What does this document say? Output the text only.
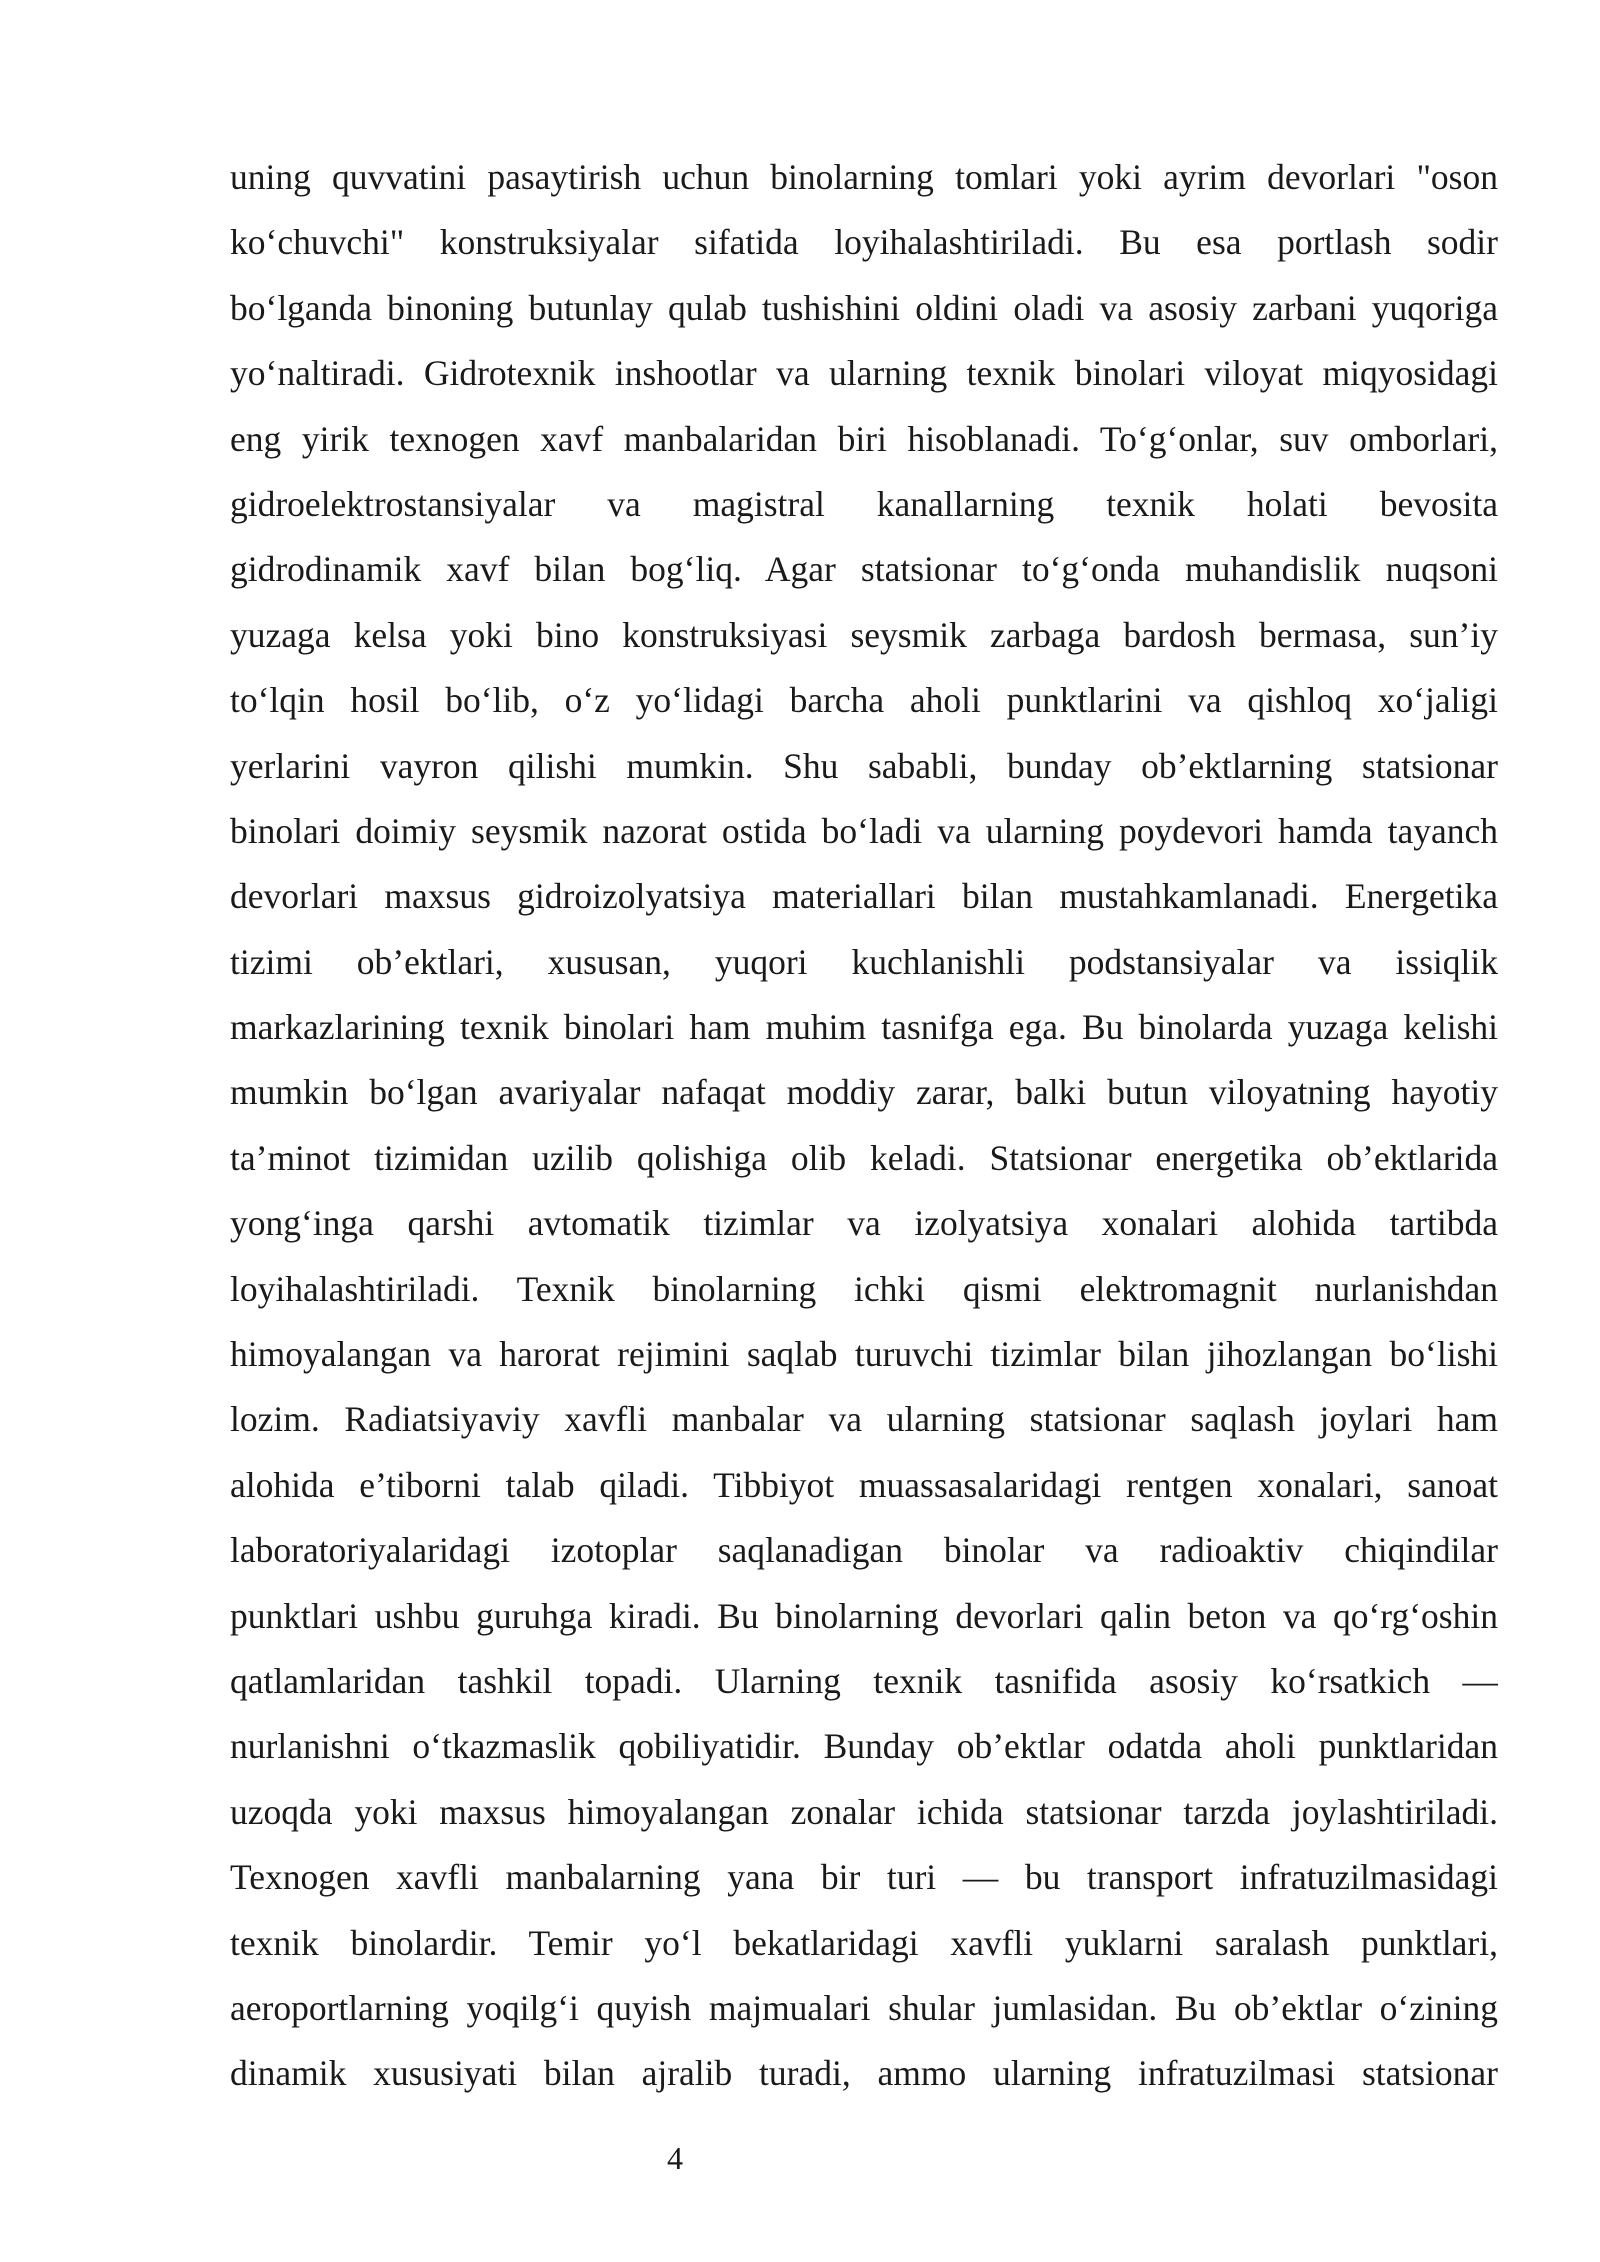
uning quvvatini pasaytirish uchun binolarning tomlari yoki ayrim devorlari "oson
koʻchuvchi" konstruksiyalar sifatida loyihalashtiriladi. Bu esa portlash sodir
boʻlganda binoning butunlay qulab tushishini oldini oladi va asosiy zarbani yuqoriga
yoʻnaltiradi. Gidrotexnik inshootlar va ularning texnik binolari viloyat miqyosidagi
eng yirik texnogen xavf manbalaridan biri hisoblanadi. Toʻgʻonlar, suv omborlari,
gidroelektrostansiyalar va magistral kanallarning texnik holati bevosita
gidrodinamik xavf bilan bogʻliq. Agar statsionar toʻgʻonda muhandislik nuqsoni
yuzaga kelsa yoki bino konstruksiyasi seysmik zarbaga bardosh bermasa, sun’iy
toʻlqin hosil boʻlib, oʻz yoʻlidagi barcha aholi punktlarini va qishloq xoʻjaligi
yerlarini vayron qilishi mumkin. Shu sababli, bunday ob’ektlarning statsionar
binolari doimiy seysmik nazorat ostida boʻladi va ularning poydevori hamda tayanch
devorlari maxsus gidroizolyatsiya materiallari bilan mustahkamlanadi. Energetika
tizimi ob’ektlari, xususan, yuqori kuchlanishli podstansiyalar va issiqlik
markazlarining texnik binolari ham muhim tasnifga ega. Bu binolarda yuzaga kelishi
mumkin boʻlgan avariyalar nafaqat moddiy zarar, balki butun viloyatning hayotiy
ta’minot tizimidan uzilib qolishiga olib keladi. Statsionar energetika ob’ektlarida
yongʻinga qarshi avtomatik tizimlar va izolyatsiya xonalari alohida tartibda
loyihalashtiriladi. Texnik binolarning ichki qismi elektromagnit nurlanishdan
himoyalangan va harorat rejimini saqlab turuvchi tizimlar bilan jihozlangan boʻlishi
lozim. Radiatsiyaviy xavfli manbalar va ularning statsionar saqlash joylari ham
alohida e’tiborni talab qiladi. Tibbiyot muassasalaridagi rentgen xonalari, sanoat
laboratoriyalaridagi izotoplar saqlanadigan binolar va radioaktiv chiqindilar
punktlari ushbu guruhga kiradi. Bu binolarning devorlari qalin beton va qoʻrgʻoshin
qatlamlaridan tashkil topadi. Ularning texnik tasnifida asosiy koʻrsatkich —
nurlanishni oʻtkazmaslik qobiliyatidir. Bunday ob’ektlar odatda aholi punktlaridan
uzoqda yoki maxsus himoyalangan zonalar ichida statsionar tarzda joylashtiriladi.
Texnogen xavfli manbalarning yana bir turi — bu transport infratuzilmasidagi
texnik binolardir. Temir yoʻl bekatlaridagi xavfli yuklarni saralash punktlari,
aeroportlarning yoqilgʻi quyish majmualari shular jumlasidan. Bu ob’ektlar oʻzining
dinamik xususiyati bilan ajralib turadi, ammo ularning infratuzilmasi statsionar
4
